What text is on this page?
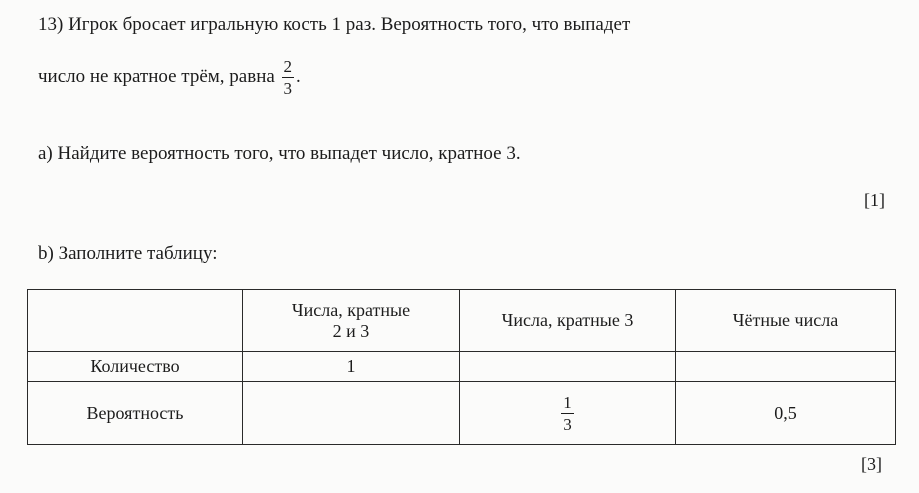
13) Игрок бросает игральную кость 1 раз. Вероятность того, что выпадет
число не кратное трём, равна $\frac{2}{3}$ .
a) Найдите вероятность того, что выпадет число, кратное 3.
[1]
b) Заполните таблицу:
	Числа, кратные
2 и 3	Числа, кратные 3	Чётные числа
Количество	1		
Вероятность		$\frac{1}{3}$	0,5
[3]
